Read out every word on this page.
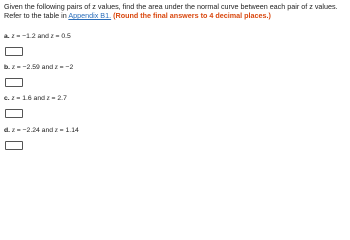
Given the following pairs of z values, find the area under the normal curve between each pair of z values. Refer to the table in Appendix B1. (Round the final answers to 4 decimal places.)

a. z = −1.2 and z = 0.5
b. z = −2.59 and z = −2
c. z = 1.6 and z = 2.7
d. z = −2.24 and z = 1.14
